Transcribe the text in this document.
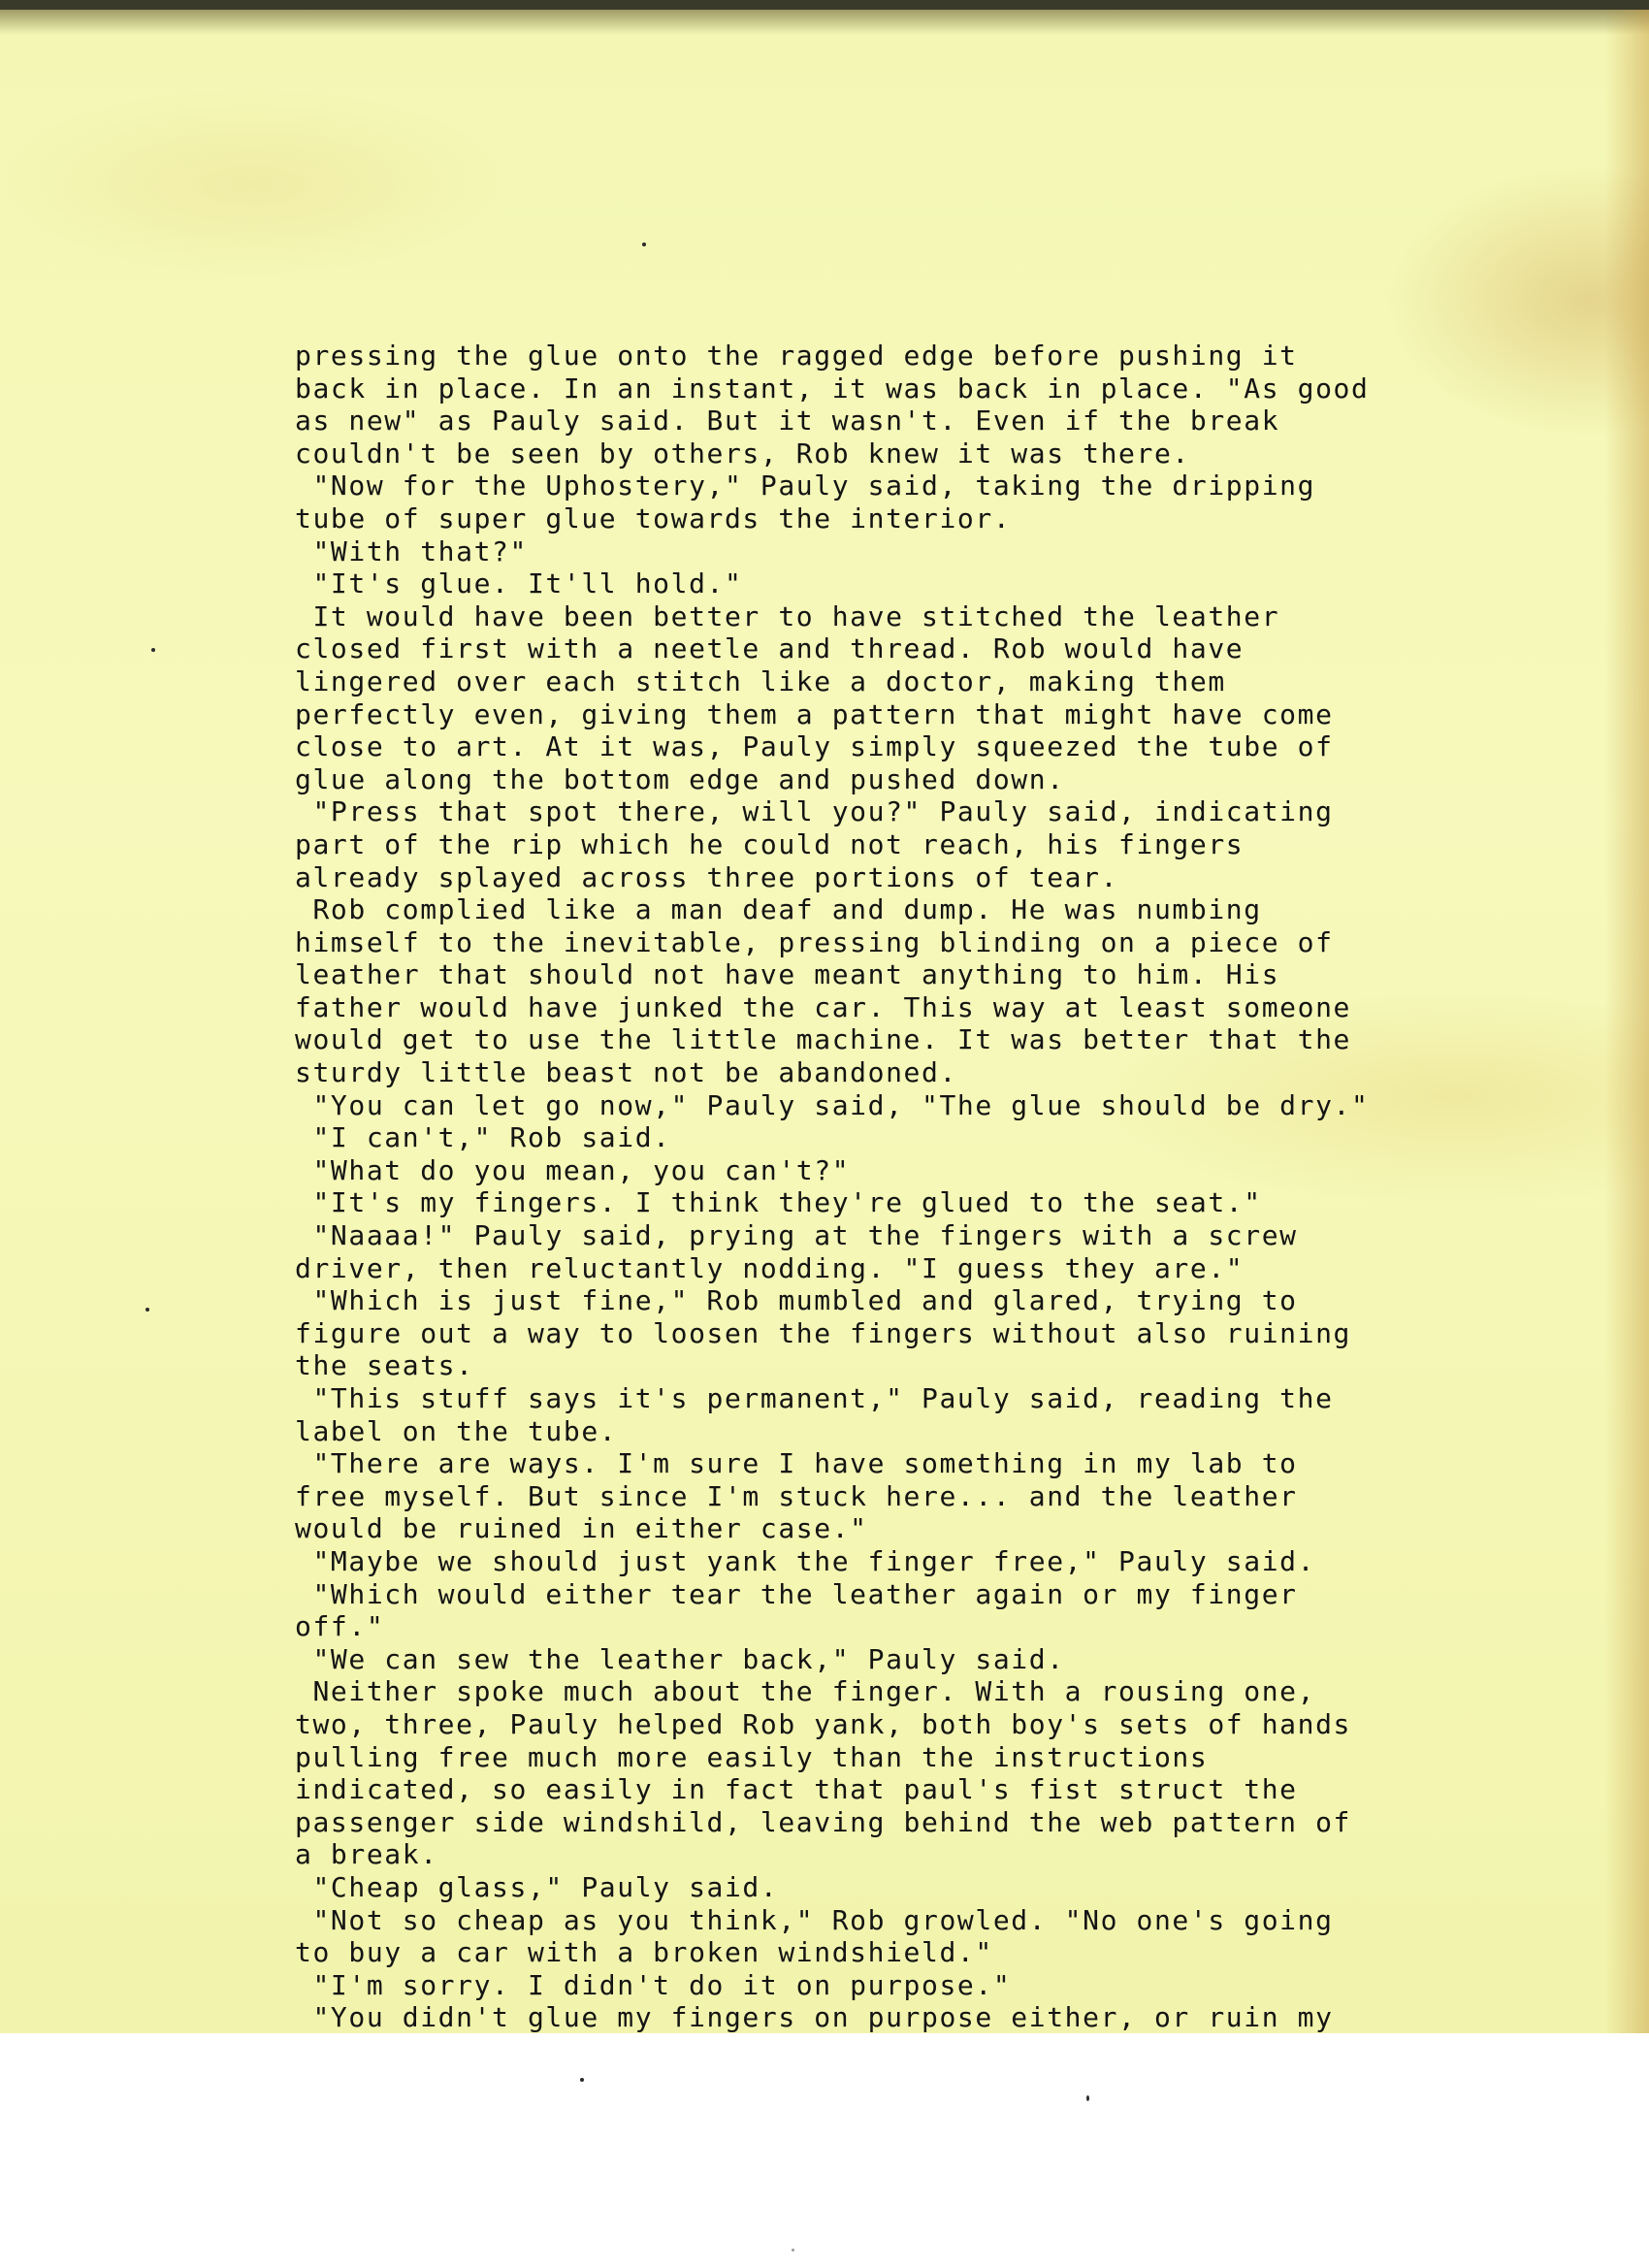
pressing the glue onto the ragged edge before pushing it
back in place. In an instant, it was back in place. "As good
as new" as Pauly said. But it wasn't. Even if the break
couldn't be seen by others, Rob knew it was there.
"Now for the Uphostery," Pauly said, taking the dripping
tube of super glue towards the interior.
"With that?"
"It's glue. It'll hold."
It would have been better to have stitched the leather
closed first with a neetle and thread. Rob would have
lingered over each stitch like a doctor, making them
perfectly even, giving them a pattern that might have come
close to art. At it was, Pauly simply squeezed the tube of
glue along the bottom edge and pushed down.
"Press that spot there, will you?" Pauly said, indicating
part of the rip which he could not reach, his fingers
already splayed across three portions of tear.
Rob complied like a man deaf and dump. He was numbing
himself to the inevitable, pressing blinding on a piece of
leather that should not have meant anything to him. His
father would have junked the car. This way at least someone
would get to use the little machine. It was better that the
sturdy little beast not be abandoned.
"You can let go now," Pauly said, "The glue should be dry."
"I can't," Rob said.
"What do you mean, you can't?"
"It's my fingers. I think they're glued to the seat."
"Naaaa!" Pauly said, prying at the fingers with a screw
driver, then reluctantly nodding. "I guess they are."
"Which is just fine," Rob mumbled and glared, trying to
figure out a way to loosen the fingers without also ruining
the seats.
"This stuff says it's permanent," Pauly said, reading the
label on the tube.
"There are ways. I'm sure I have something in my lab to
free myself. But since I'm stuck here... and the leather
would be ruined in either case."
"Maybe we should just yank the finger free," Pauly said.
"Which would either tear the leather again or my finger
off."
"We can sew the leather back," Pauly said.
Neither spoke much about the finger. With a rousing one,
two, three, Pauly helped Rob yank, both boy's sets of hands
pulling free much more easily than the instructions
indicated, so easily in fact that paul's fist struct the
passenger side windshild, leaving behind the web pattern of
a break.
"Cheap glass," Pauly said.
"Not so cheap as you think," Rob growled. "No one's going
to buy a car with a broken windshield."
"I'm sorry. I didn't do it on purpose."
"You didn't glue my fingers on purpose either, or ruin my
